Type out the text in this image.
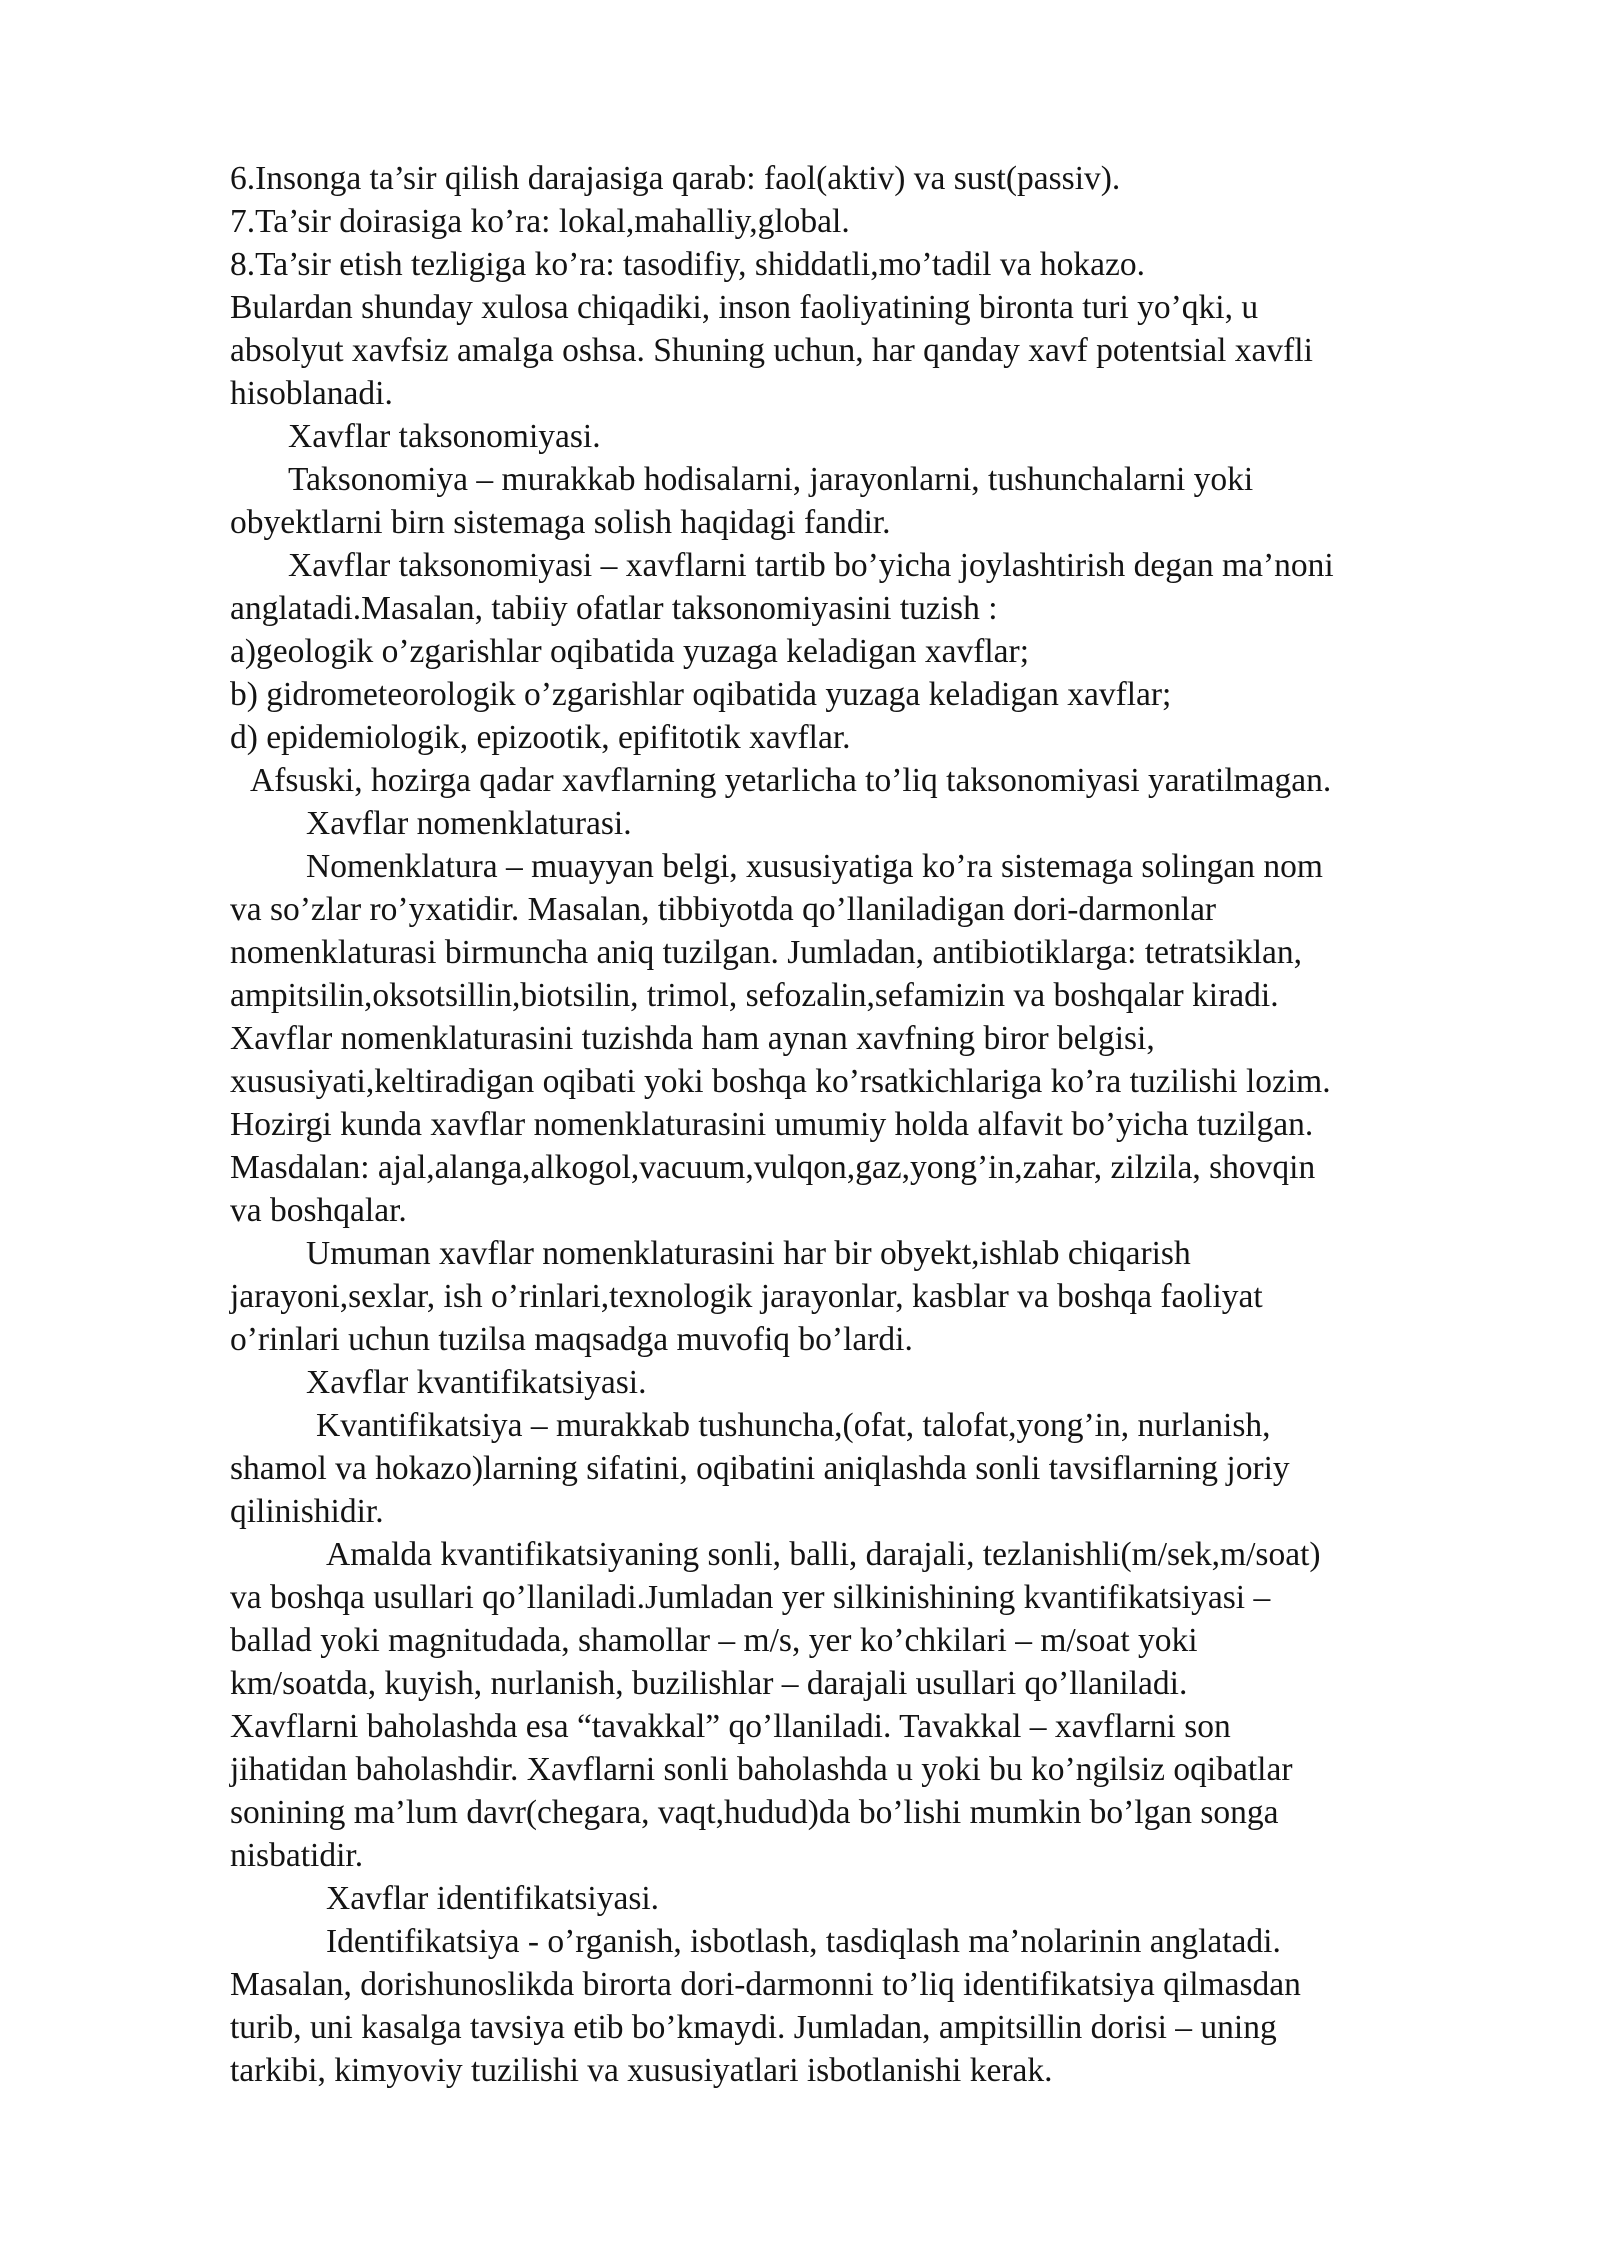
6.Insonga ta’sir qilish darajasiga qarab: faol(aktiv) va sust(passiv).
7.Ta’sir doirasiga ko’ra: lokal,mahalliy,global.
8.Ta’sir etish tezligiga ko’ra: tasodifiy, shiddatli,mo’tadil va hokazo.
Bulardan shunday xulosa chiqadiki, inson faoliyatining bironta turi yo’qki, u
absolyut xavfsiz amalga oshsa. Shuning uchun, har qanday xavf potentsial xavfli
hisoblanadi.
Xavflar taksonomiyasi.
Taksonomiya – murakkab hodisalarni, jarayonlarni, tushunchalarni yoki
obyektlarni birn sistemaga solish haqidagi fandir.
Xavflar taksonomiyasi – xavflarni tartib bo’yicha joylashtirish degan ma’noni
anglatadi.Masalan, tabiiy ofatlar taksonomiyasini tuzish :
a)geologik o’zgarishlar oqibatida yuzaga keladigan xavflar;
b) gidrometeorologik o’zgarishlar oqibatida yuzaga keladigan xavflar;
d) epidemiologik, epizootik, epifitotik xavflar.
Afsuski, hozirga qadar xavflarning yetarlicha to’liq taksonomiyasi yaratilmagan.
Xavflar nomenklaturasi.
Nomenklatura – muayyan belgi, xususiyatiga ko’ra sistemaga solingan nom
va so’zlar ro’yxatidir. Masalan, tibbiyotda qo’llaniladigan dori-darmonlar
nomenklaturasi birmuncha aniq tuzilgan. Jumladan, antibiotiklarga: tetratsiklan,
ampitsilin,oksotsillin,biotsilin, trimol, sefozalin,sefamizin va boshqalar kiradi.
Xavflar nomenklaturasini tuzishda ham aynan xavfning biror belgisi,
xususiyati,keltiradigan oqibati yoki boshqa ko’rsatkichlariga ko’ra tuzilishi lozim.
Hozirgi kunda xavflar nomenklaturasini umumiy holda alfavit bo’yicha tuzilgan.
Masdalan: ajal,alanga,alkogol,vacuum,vulqon,gaz,yong’in,zahar, zilzila, shovqin
va boshqalar.
Umuman xavflar nomenklaturasini har bir obyekt,ishlab chiqarish
jarayoni,sexlar, ish o’rinlari,texnologik jarayonlar, kasblar va boshqa faoliyat
o’rinlari uchun tuzilsa maqsadga muvofiq bo’lardi.
Xavflar kvantifikatsiyasi.
Kvantifikatsiya – murakkab tushuncha,(ofat, talofat,yong’in, nurlanish,
shamol va hokazo)larning sifatini, oqibatini aniqlashda sonli tavsiflarning joriy
qilinishidir.
Amalda kvantifikatsiyaning sonli, balli, darajali, tezlanishli(m/sek,m/soat)
va boshqa usullari qo’llaniladi.Jumladan yer silkinishining kvantifikatsiyasi –
ballad yoki magnitudada, shamollar – m/s, yer ko’chkilari – m/soat yoki
km/soatda, kuyish, nurlanish, buzilishlar – darajali usullari qo’llaniladi.
Xavflarni baholashda esa “tavakkal” qo’llaniladi. Tavakkal – xavflarni son
jihatidan baholashdir. Xavflarni sonli baholashda u yoki bu ko’ngilsiz oqibatlar
sonining ma’lum davr(chegara, vaqt,hudud)da bo’lishi mumkin bo’lgan songa
nisbatidir.
Xavflar identifikatsiyasi.
Identifikatsiya - o’rganish, isbotlash, tasdiqlash ma’nolarinin anglatadi.
Masalan, dorishunoslikda birorta dori-darmonni to’liq identifikatsiya qilmasdan
turib, uni kasalga tavsiya etib bo’kmaydi. Jumladan, ampitsillin dorisi – uning
tarkibi, kimyoviy tuzilishi va xususiyatlari isbotlanishi kerak.
